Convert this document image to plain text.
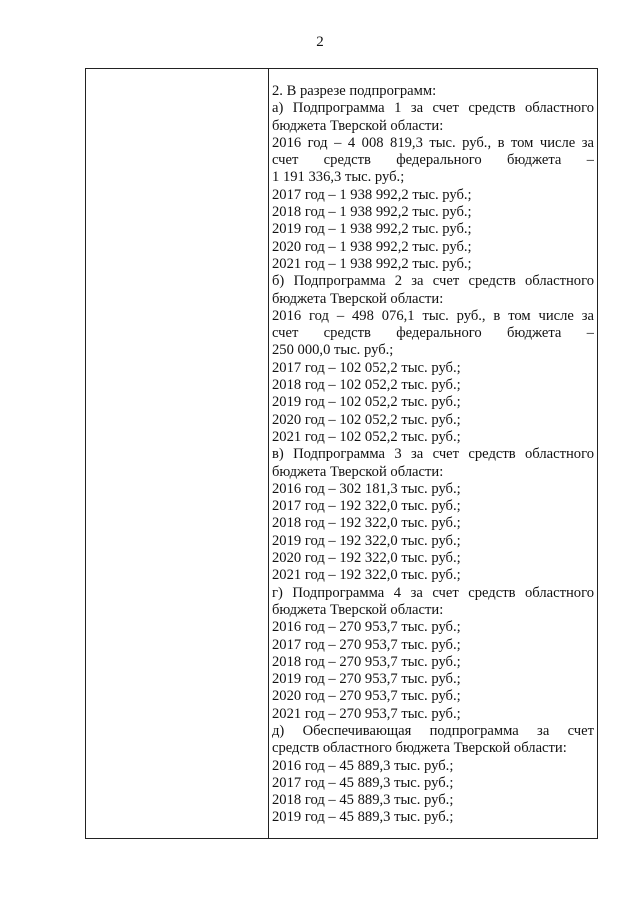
2
2. В разрезе подпрограмм:
а) Подпрограмма 1 за счет средств областного
бюджета Тверской области:
2016 год – 4 008 819,3 тыс. руб., в том числе за
счет средств федерального бюджета –
1 191 336,3 тыс. руб.;
2017 год – 1 938 992,2 тыс. руб.;
2018 год – 1 938 992,2 тыс. руб.;
2019 год – 1 938 992,2 тыс. руб.;
2020 год – 1 938 992,2 тыс. руб.;
2021 год – 1 938 992,2 тыс. руб.;
б) Подпрограмма 2 за счет средств областного
бюджета Тверской области:
2016 год – 498 076,1 тыс. руб., в том числе за
счет средств федерального бюджета –
250 000,0 тыс. руб.;
2017 год – 102 052,2 тыс. руб.;
2018 год – 102 052,2 тыс. руб.;
2019 год – 102 052,2 тыс. руб.;
2020 год – 102 052,2 тыс. руб.;
2021 год – 102 052,2 тыс. руб.;
в) Подпрограмма 3 за счет средств областного
бюджета Тверской области:
2016 год – 302 181,3 тыс. руб.;
2017 год – 192 322,0 тыс. руб.;
2018 год – 192 322,0 тыс. руб.;
2019 год – 192 322,0 тыс. руб.;
2020 год – 192 322,0 тыс. руб.;
2021 год – 192 322,0 тыс. руб.;
г) Подпрограмма 4 за счет средств областного
бюджета Тверской области:
2016 год – 270 953,7 тыс. руб.;
2017 год – 270 953,7 тыс. руб.;
2018 год – 270 953,7 тыс. руб.;
2019 год – 270 953,7 тыс. руб.;
2020 год – 270 953,7 тыс. руб.;
2021 год – 270 953,7 тыс. руб.;
д) Обеспечивающая подпрограмма за счет
средств областного бюджета Тверской области:
2016 год – 45 889,3 тыс. руб.;
2017 год – 45 889,3 тыс. руб.;
2018 год – 45 889,3 тыс. руб.;
2019 год – 45 889,3 тыс. руб.;
